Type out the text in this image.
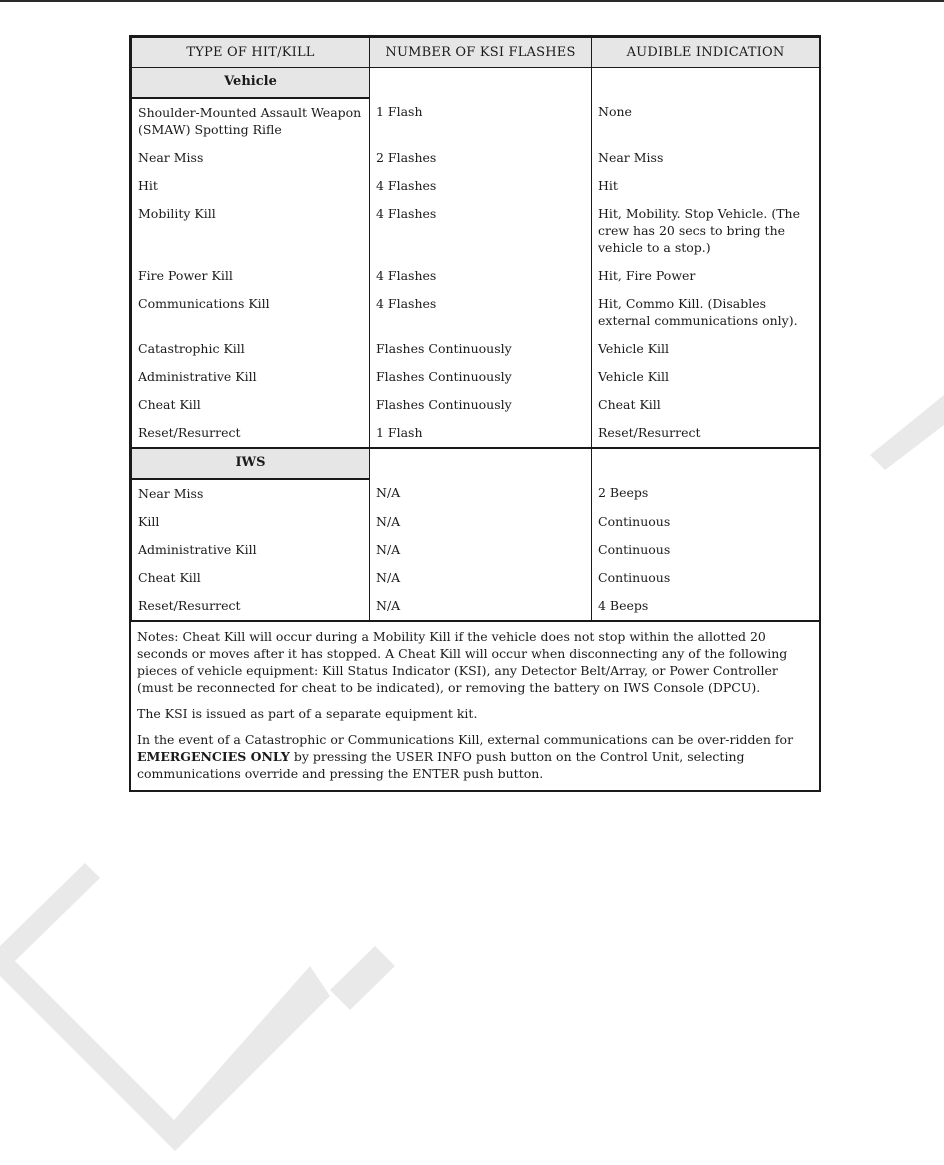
TYPE OF HIT/KILL	NUMBER OF KSI FLASHES	AUDIBLE INDICATION
Vehicle		
Shoulder-Mounted Assault Weapon (SMAW) Spotting Rifle	1 Flash	None
Near Miss	2 Flashes	Near Miss
Hit	4 Flashes	Hit
Mobility Kill	4 Flashes	Hit, Mobility. Stop Vehicle. (The crew has 20 secs to bring the vehicle to a stop.)
Fire Power Kill	4 Flashes	Hit, Fire Power
Communications Kill	4 Flashes	Hit, Commo Kill. (Disables external communications only).
Catastrophic Kill	Flashes Continuously	Vehicle Kill
Administrative Kill	Flashes Continuously	Vehicle Kill
Cheat Kill	Flashes Continuously	Cheat Kill
Reset/Resurrect	1 Flash	Reset/Resurrect
IWS		
Near Miss	N/A	2 Beeps
Kill	N/A	Continuous
Administrative Kill	N/A	Continuous
Cheat Kill	N/A	Continuous
Reset/Resurrect	N/A	4 Beeps

Notes: Cheat Kill will occur during a Mobility Kill if the vehicle does not stop within the allotted 20 seconds or moves after it has stopped. A Cheat Kill will occur when disconnecting any of the following pieces of vehicle equipment: Kill Status Indicator (KSI), any Detector Belt/Array, or Power Controller (must be reconnected for cheat to be indicated), or removing the battery on IWS Console (DPCU).

The KSI is issued as part of a separate equipment kit.

In the event of a Catastrophic or Communications Kill, external communications can be over-ridden for EMERGENCIES ONLY by pressing the USER INFO push button on the Control Unit, selecting communications override and pressing the ENTER push button.
